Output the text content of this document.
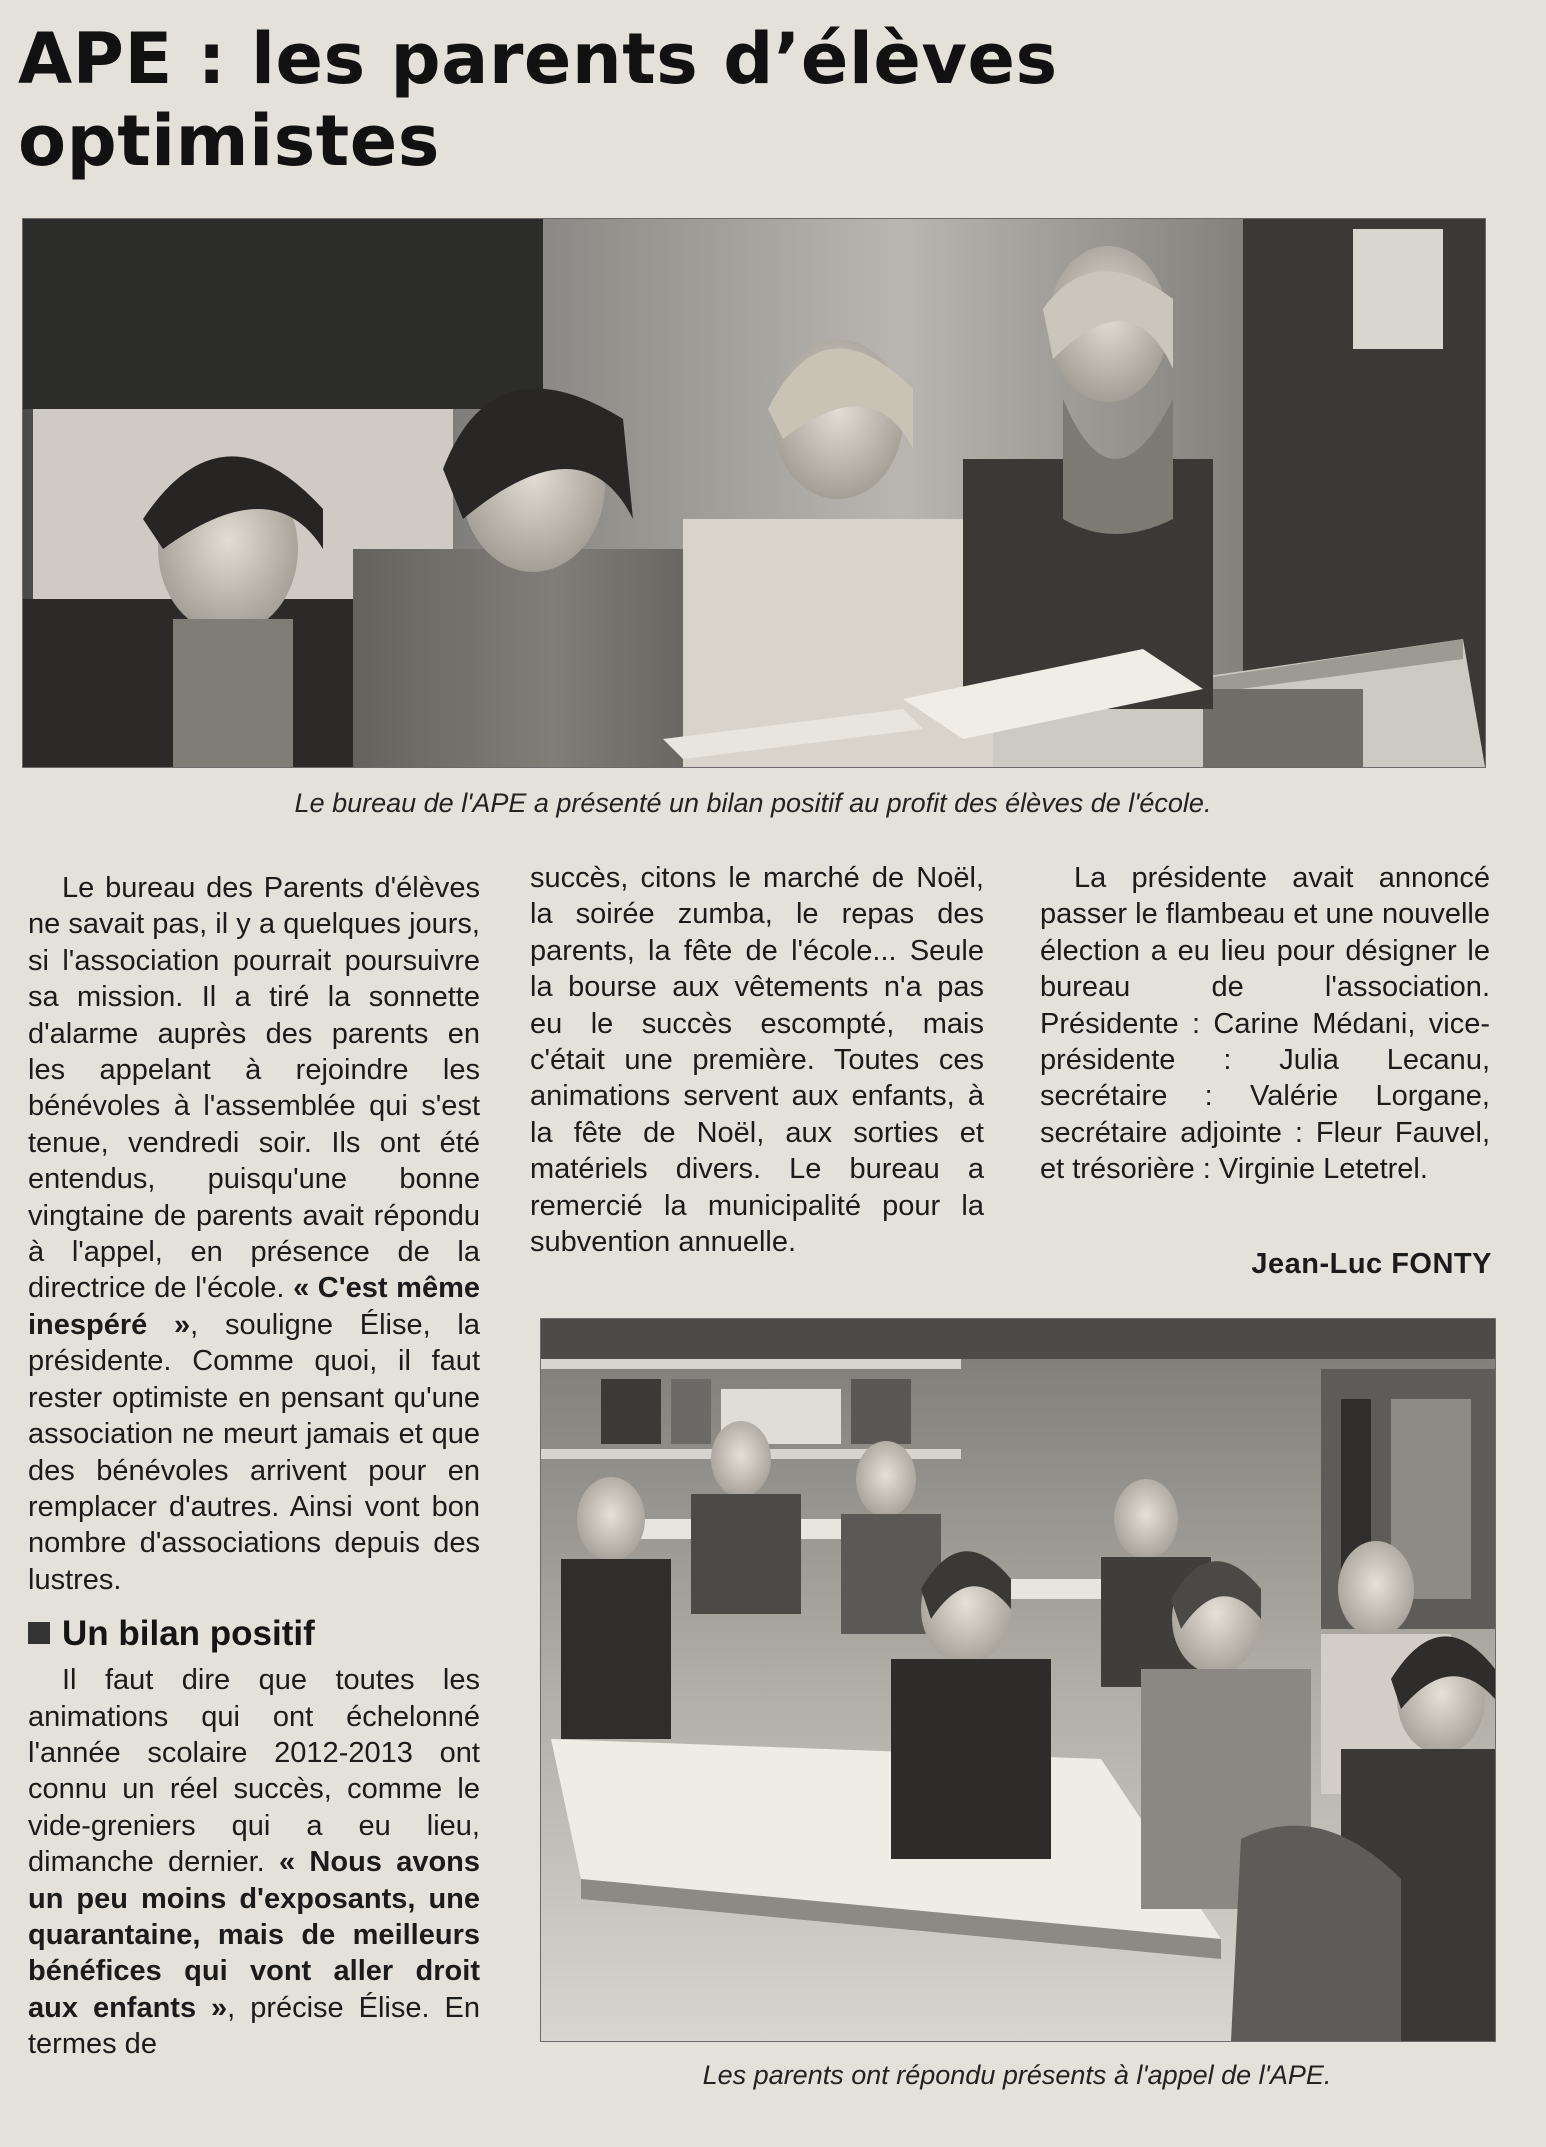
APE : les parents d’élèves
optimistes
Le bureau de l'APE a présenté un bilan positif au profit des élèves de l'école.

Le bureau des Parents d'élèves ne savait pas, il y a quelques jours, si l'association pourrait poursuivre sa mission. Il a tiré la sonnette d'alarme auprès des parents en les appelant à rejoindre les bénévoles à l'assemblée qui s'est tenue, vendredi soir. Ils ont été entendus, puisqu'une bonne vingtaine de parents avait répondu à l'appel, en présence de la directrice de l'école. « C'est même inespéré », souligne Élise, la présidente. Comme quoi, il faut rester optimiste en pensant qu'une association ne meurt jamais et que des bénévoles arrivent pour en remplacer d'autres. Ainsi vont bon nombre d'associations depuis des lustres.

Un bilan positif

Il faut dire que toutes les animations qui ont échelonné l'année scolaire 2012-2013 ont connu un réel succès, comme le vide-greniers qui a eu lieu, dimanche dernier. « Nous avons un peu moins d'exposants, une quarantaine, mais de meilleurs bénéfices qui vont aller droit aux enfants », précise Élise. En termes de

succès, citons le marché de Noël, la soirée zumba, le repas des parents, la fête de l'école... Seule la bourse aux vêtements n'a pas eu le succès escompté, mais c'était une première. Toutes ces animations servent aux enfants, à la fête de Noël, aux sorties et matériels divers. Le bureau a remercié la municipalité pour la subvention annuelle.

La présidente avait annoncé passer le flambeau et une nouvelle élection a eu lieu pour désigner le bureau de l'association. Présidente : Carine Médani, vice-présidente : Julia Lecanu, secrétaire : Valérie Lorgane, secrétaire adjointe : Fleur Fauvel, et trésorière : Virginie Letetrel.

Jean-Luc FONTY
Les parents ont répondu présents à l'appel de l'APE.
